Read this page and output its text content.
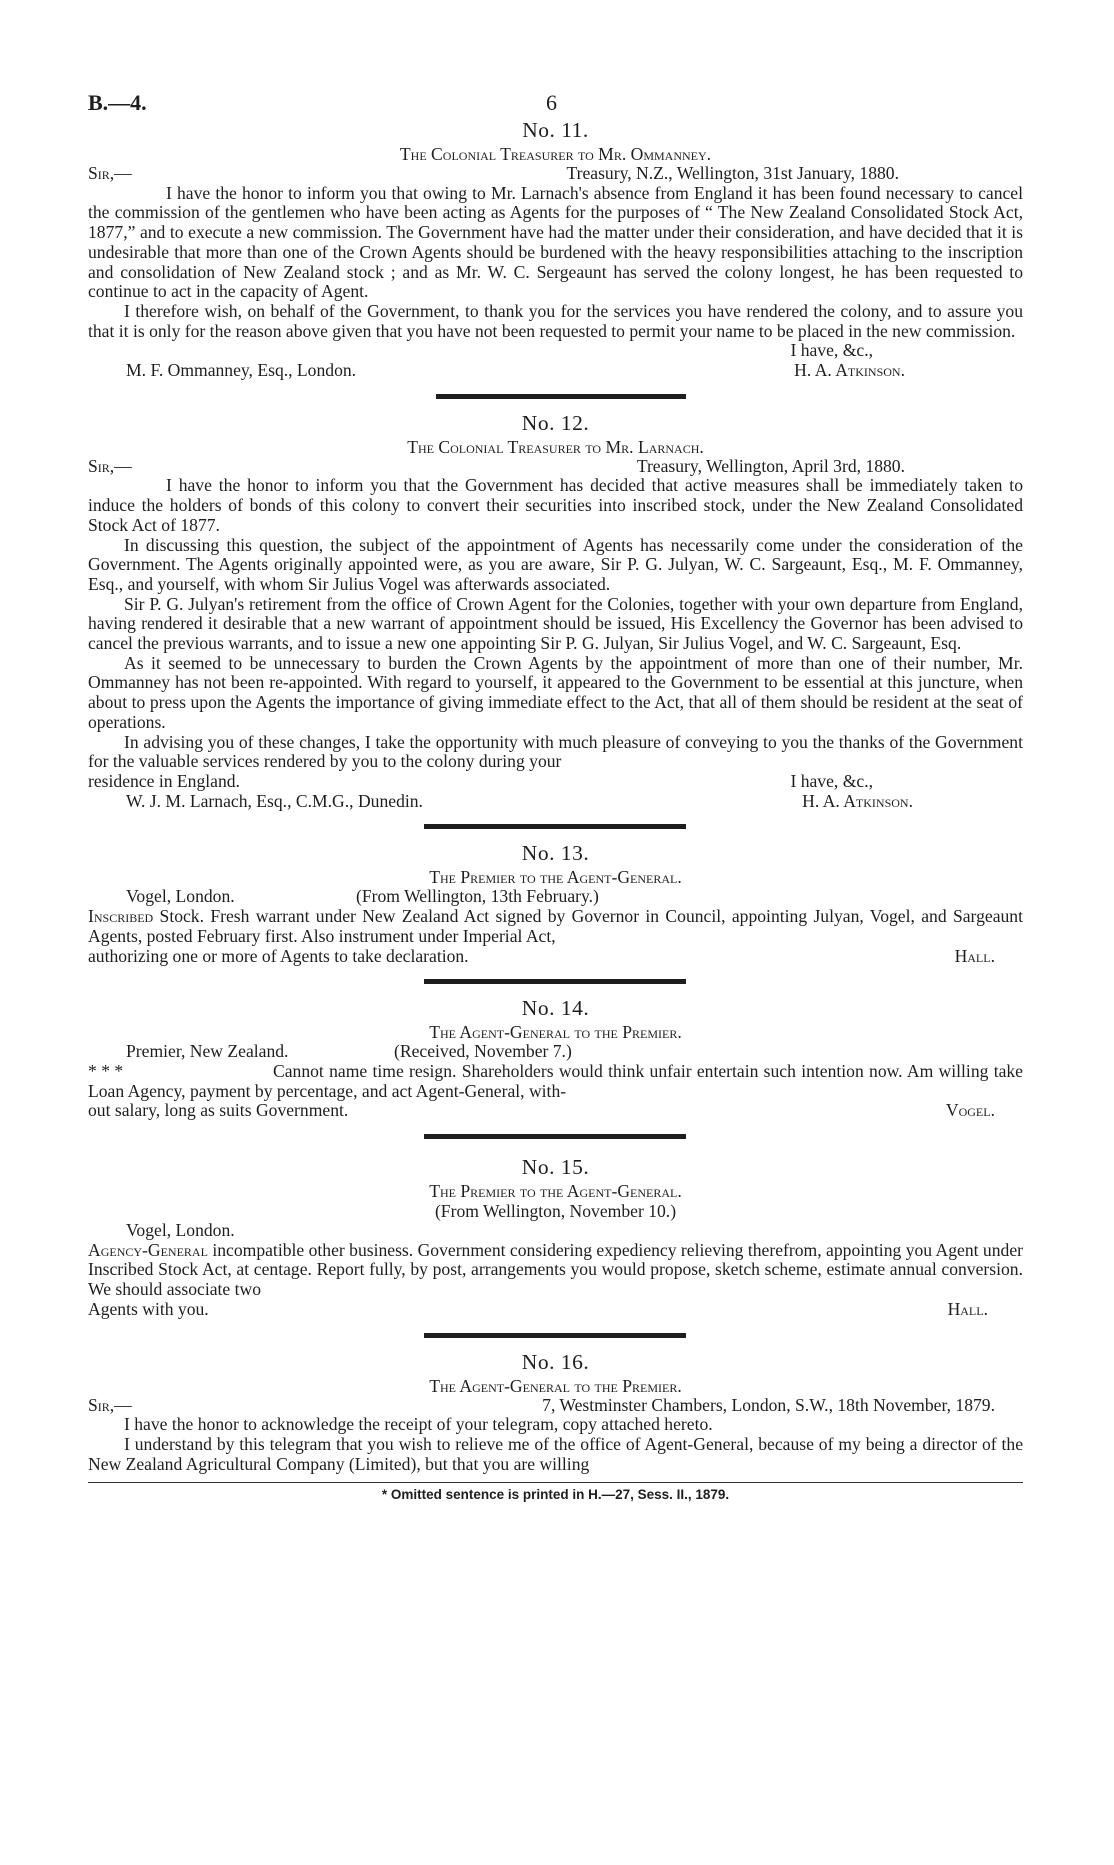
B.—4.	6
No. 11.
The Colonial Treasurer to Mr. Ommanney.
Sir,—	Treasury, N.Z., Wellington, 31st January, 1880.

I have the honor to inform you that owing to Mr. Larnach's absence from England it has been found necessary to cancel the commission of the gentlemen who have been acting as Agents for the purposes of “ The New Zealand Consolidated Stock Act, 1877,” and to execute a new commission. The Government have had the matter under their consideration, and have decided that it is undesirable that more than one of the Crown Agents should be burdened with the heavy responsibilities attaching to the inscription and consolidation of New Zealand stock ; and as Mr. W. C. Sergeaunt has served the colony longest, he has been requested to continue to act in the capacity of Agent.

I therefore wish, on behalf of the Government, to thank you for the services you have rendered the colony, and to assure you that it is only for the reason above given that you have not been requested to permit your name to be placed in the new commission.

I have, &c.,
M. F. Ommanney, Esq., London.	H. A. Atkinson.
No. 12.
The Colonial Treasurer to Mr. Larnach.
Sir,—	Treasury, Wellington, April 3rd, 1880.

I have the honor to inform you that the Government has decided that active measures shall be immediately taken to induce the holders of bonds of this colony to convert their securities into inscribed stock, under the New Zealand Consolidated Stock Act of 1877.

In discussing this question, the subject of the appointment of Agents has necessarily come under the consideration of the Government. The Agents originally appointed were, as you are aware, Sir P. G. Julyan, W. C. Sargeaunt, Esq., M. F. Ommanney, Esq., and yourself, with whom Sir Julius Vogel was afterwards associated.

Sir P. G. Julyan's retirement from the office of Crown Agent for the Colonies, together with your own departure from England, having rendered it desirable that a new warrant of appointment should be issued, His Excellency the Governor has been advised to cancel the previous warrants, and to issue a new one appointing Sir P. G. Julyan, Sir Julius Vogel, and W. C. Sargeaunt, Esq.

As it seemed to be unnecessary to burden the Crown Agents by the appointment of more than one of their number, Mr. Ommanney has not been re-appointed. With regard to yourself, it appeared to the Government to be essential at this juncture, when about to press upon the Agents the importance of giving immediate effect to the Act, that all of them should be resident at the seat of operations.

In advising you of these changes, I take the opportunity with much pleasure of conveying to you the thanks of the Government for the valuable services rendered by you to the colony during your

residence in England.	I have, &c.,
W. J. M. Larnach, Esq., C.M.G., Dunedin.	H. A. Atkinson.
No. 13.
The Premier to the Agent-General.
Vogel, London.	(From Wellington, 13th February.)

Inscribed Stock. Fresh warrant under New Zealand Act signed by Governor in Council, appointing Julyan, Vogel, and Sargeaunt Agents, posted February first. Also instrument under Imperial Act,

authorizing one or more of Agents to take declaration.	Hall.
No. 14.
The Agent-General to the Premier.
Premier, New Zealand.	(Received, November 7.)

* * *	Cannot name time resign. Shareholders would think unfair entertain such intention now. Am willing take Loan Agency, payment by percentage, and act Agent-General, with-

out salary, long as suits Government.	Vogel.
No. 15.
The Premier to the Agent-General.
(From Wellington, November 10.)
Vogel, London.

Agency-General incompatible other business. Government considering expediency relieving therefrom, appointing you Agent under Inscribed Stock Act, at centage. Report fully, by post, arrangements you would propose, sketch scheme, estimate annual conversion. We should associate two

Agents with you.	Hall.
No. 16.
The Agent-General to the Premier.
Sir,—	7, Westminster Chambers, London, S.W., 18th November, 1879.

I have the honor to acknowledge the receipt of your telegram, copy attached hereto.

I understand by this telegram that you wish to relieve me of the office of Agent-General, because of my being a director of the New Zealand Agricultural Company (Limited), but that you are willing

* Omitted sentence is printed in H.—27, Sess. II., 1879.
